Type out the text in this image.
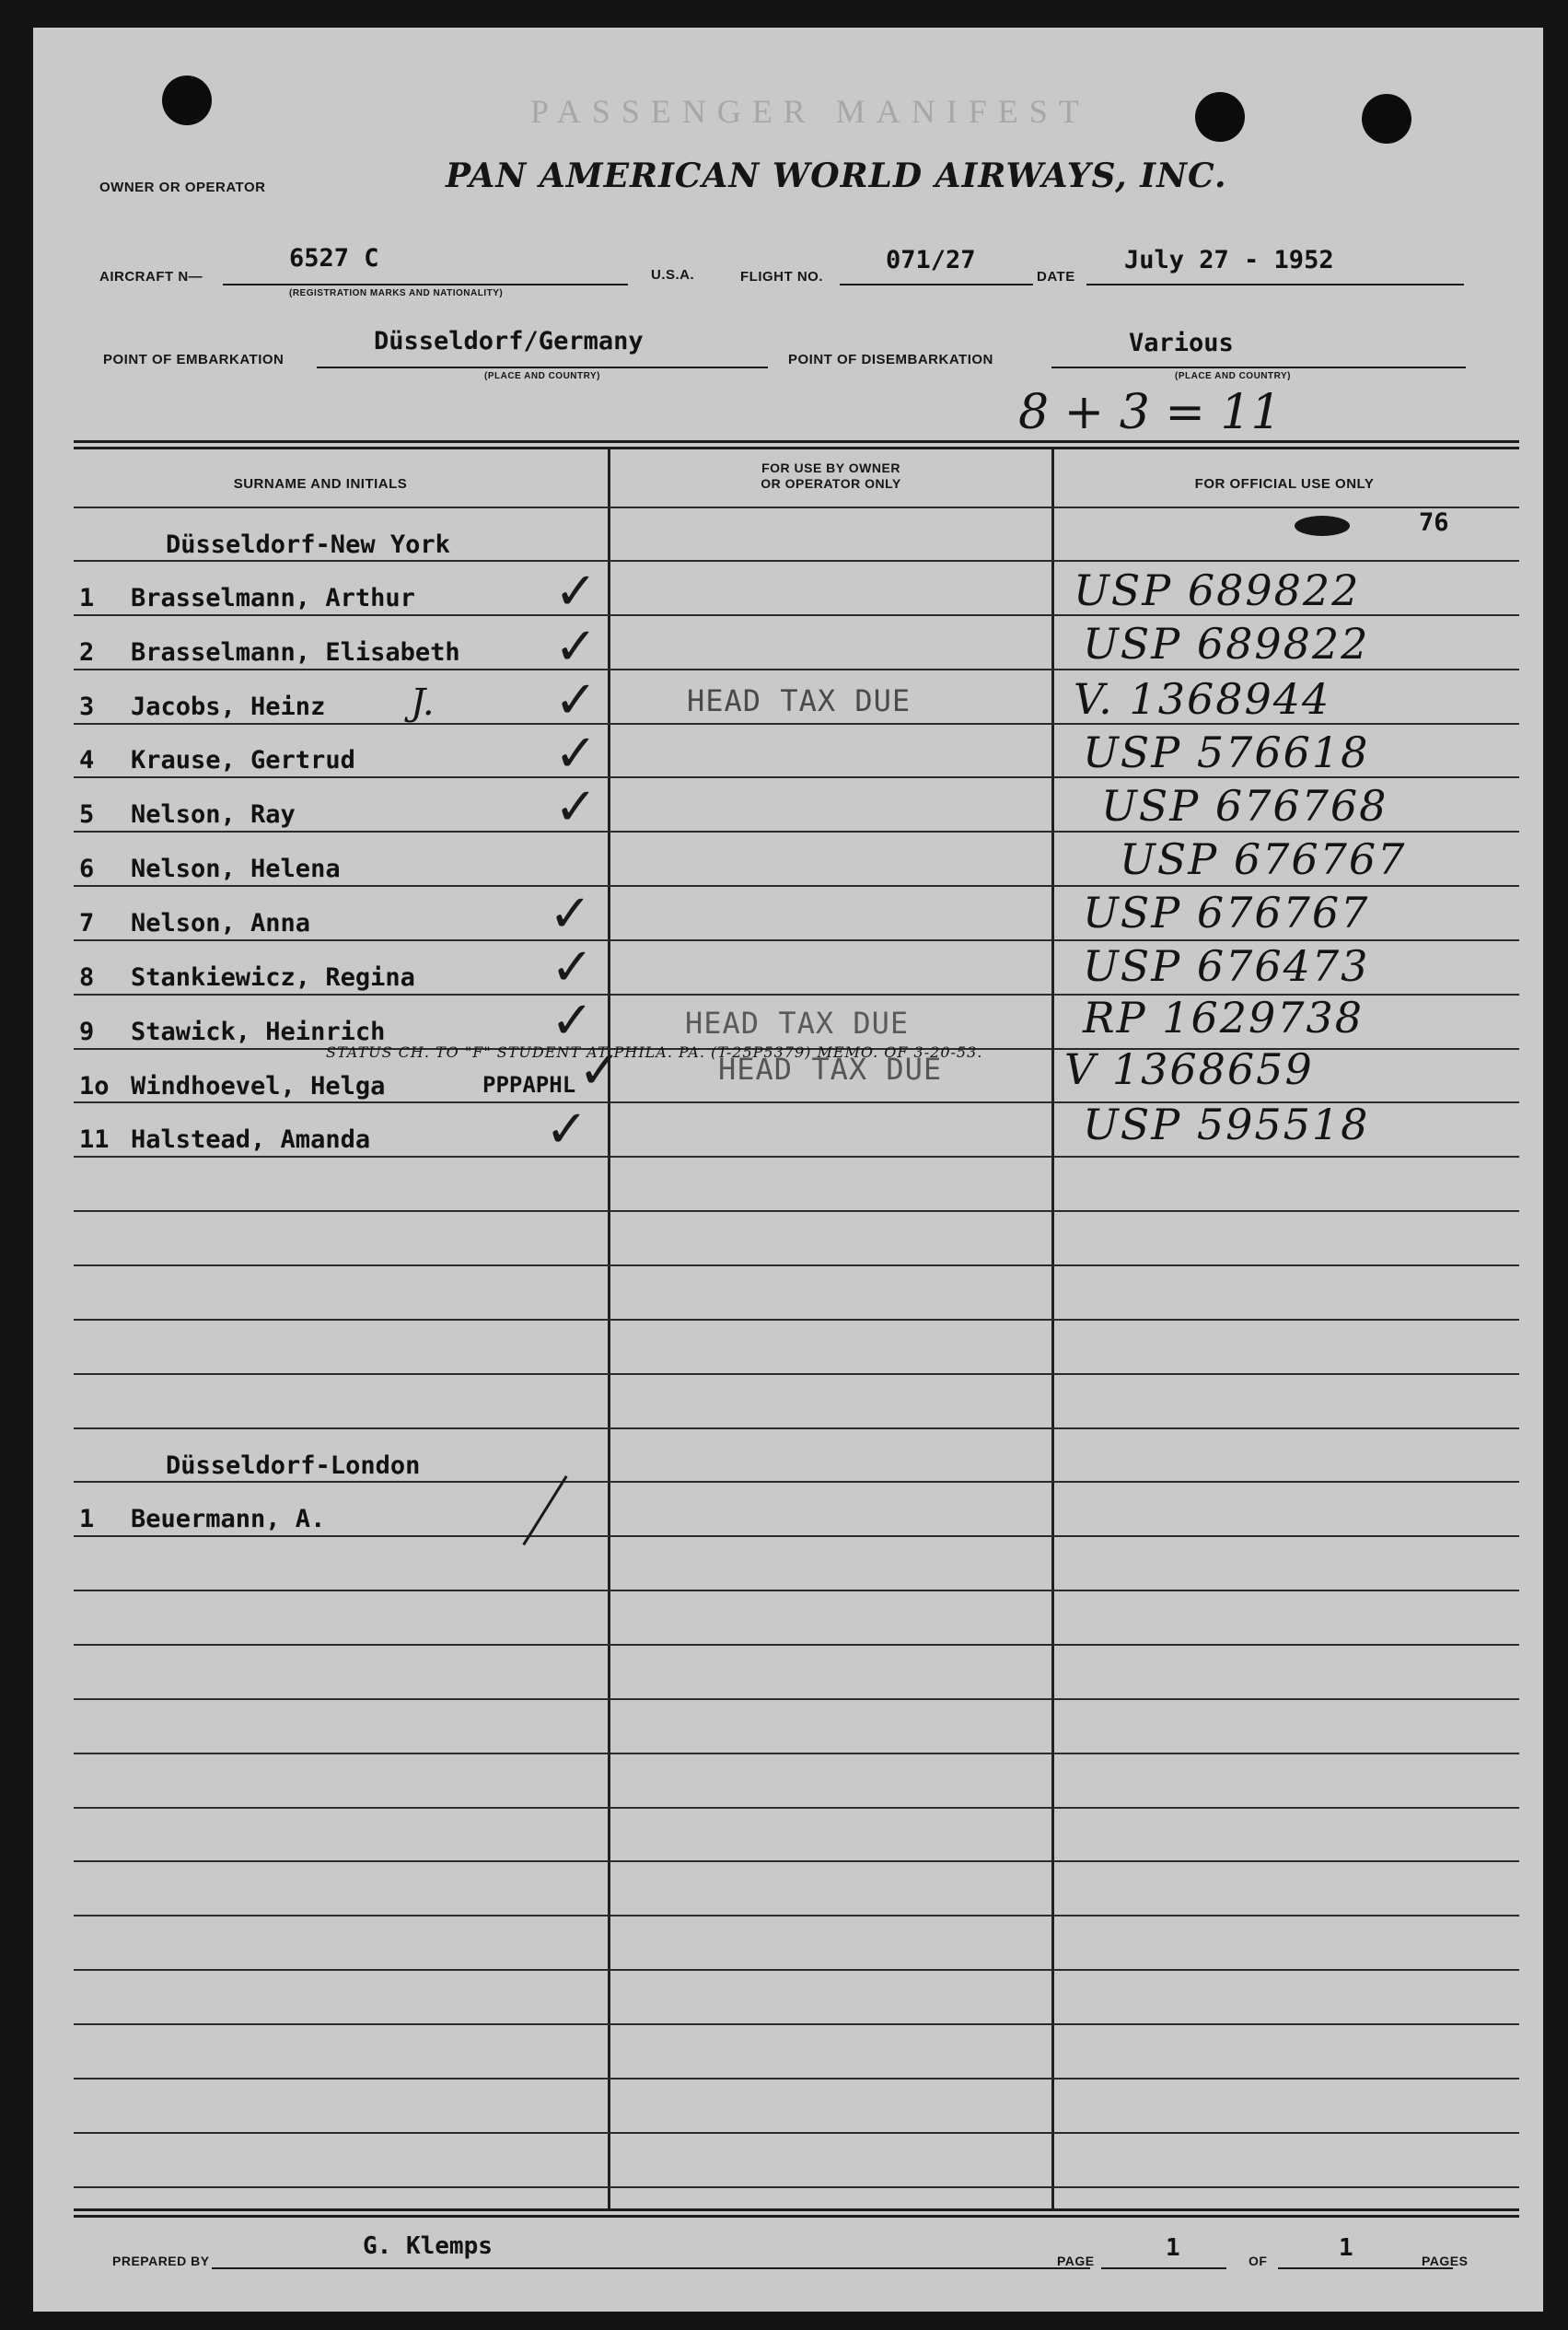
PASSENGER MANIFEST
OWNER OR OPERATOR	PAN AMERICAN WORLD AIRWAYS, INC.
AIRCRAFT N—
6527 C
(REGISTRATION MARKS AND NATIONALITY)
U.S.A.	FLIGHT NO.
071/27
DATE
July 27 - 1952
POINT OF EMBARKATION
Düsseldorf/Germany
(PLACE AND COUNTRY)
POINT OF DISEMBARKATION
Various
(PLACE AND COUNTRY)
8 + 3 = 11
SURNAME AND INITIALS
FOR USE BY OWNER
OR OPERATOR ONLY	FOR OFFICIAL USE ONLY
76
Düsseldorf-New York
1 Brasselmann, Arthur	✓	USP 689822
2 Brasselmann, Elisabeth ✓	USP 689822
3 Jacobs, Heinz J. ✓	HEAD TAX DUE	V. 1368944
4 Krause, Gertrud	✓	USP 576618
5 Nelson, Ray	✓	USP 676768
6 Nelson, Helena	USP 676767
7 Nelson, Anna	✓	USP 676767
8 Stankiewicz, Regina	✓	USP 676473
9 Stawick, Heinrich	✓	HEAD TAX DUE	RP 1629738
STATUS CH. TO "F" STUDENT AT PHILA. PA. (T-25P5379) MEMO. OF 3-20-53.
1o Windhoevel, Helga	PPPAPHL ✓	HEAD TAX DUE	V 1368659
11 Halstead, Amanda	✓	USP 595518
Düsseldorf-London
1 Beuermann, A.
PREPARED BY
G. Klemps
PAGE	1	OF	1	PAGES
